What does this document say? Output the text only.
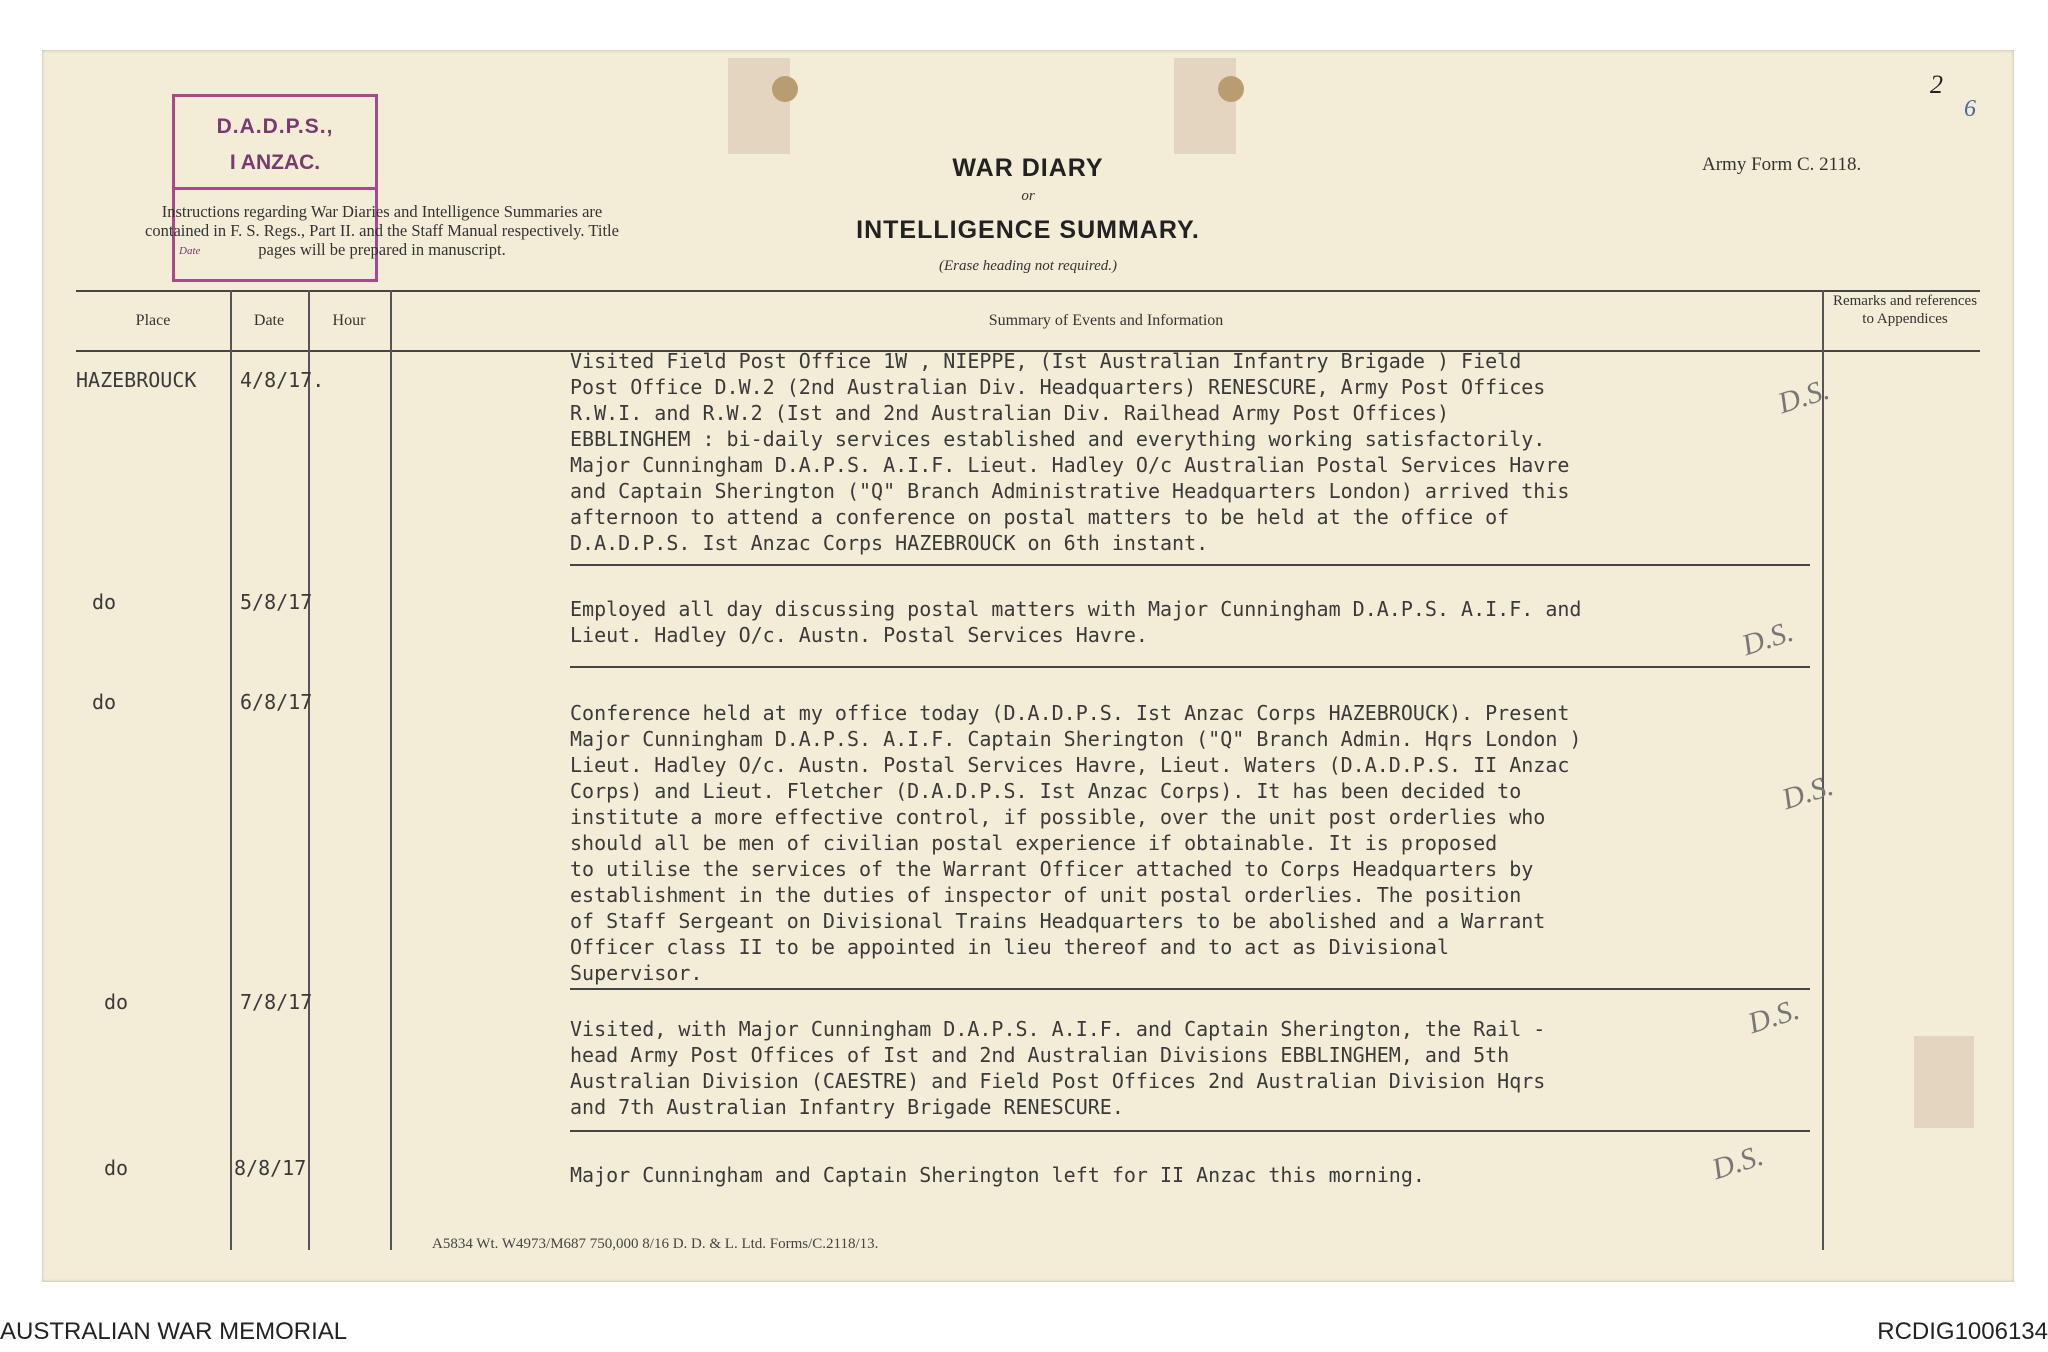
D.A.D.P.S.,
I ANZAC.
Date
Instructions regarding War Diaries and Intelligence Summaries are contained in F. S. Regs., Part II. and the Staff Manual respectively. Title pages will be prepared in manuscript.
WAR DIARY
or
INTELLIGENCE SUMMARY.
(Erase heading not required.)
Army Form C. 2118.
2
6
Place	Date	Hour	Summary of Events and Information
Remarks and references to Appendices
HAZEBROUCK 4/8/17.
Visited Field Post Office 1W , NIEPPE, (Ist Australian Infantry Brigade ) Field
Post Office D.W.2 (2nd Australian Div. Headquarters) RENESCURE, Army Post Offices
R.W.I. and R.W.2 (Ist and 2nd Australian Div. Railhead Army Post Offices)
EBBLINGHEM : bi-daily services established and everything working satisfactorily.
Major Cunningham D.A.P.S. A.I.F. Lieut. Hadley O/c Australian Postal Services Havre
and Captain Sherington ("Q" Branch Administrative Headquarters London) arrived this
afternoon to attend a conference on postal matters to be held at the office of
D.A.D.P.S. Ist Anzac Corps HAZEBROUCK on 6th instant.
D.S.
do	5/8/17	Employed all day discussing postal matters with Major Cunningham D.A.P.S. A.I.F. and
Lieut. Hadley O/c. Austn. Postal Services Havre.	D.S.
do	6/8/17	Conference held at my office today (D.A.D.P.S. Ist Anzac Corps HAZEBROUCK). Present
Major Cunningham D.A.P.S. A.I.F. Captain Sherington ("Q" Branch Admin. Hqrs London )
Lieut. Hadley O/c. Austn. Postal Services Havre, Lieut. Waters (D.A.D.P.S. II Anzac
Corps) and Lieut. Fletcher (D.A.D.P.S. Ist Anzac Corps). It has been decided to
institute a more effective control, if possible, over the unit post orderlies who
should all be men of civilian postal experience if obtainable. It is proposed
to utilise the services of the Warrant Officer attached to Corps Headquarters by
establishment in the duties of inspector of unit postal orderlies. The position
of Staff Sergeant on Divisional Trains Headquarters to be abolished and a Warrant
Officer class II to be appointed in lieu thereof and to act as Divisional
Supervisor.
D.S.
do	7/8/17
Visited, with Major Cunningham D.A.P.S. A.I.F. and Captain Sherington, the Rail -
head Army Post Offices of Ist and 2nd Australian Divisions EBBLINGHEM, and 5th
Australian Division (CAESTRE) and Field Post Offices 2nd Australian Division Hqrs
and 7th Australian Infantry Brigade RENESCURE.
D.S.
do	8/8/17	Major Cunningham and Captain Sherington left for II Anzac this morning.	D.S.
A5834 Wt. W4973/M687 750,000 8/16 D. D. & L. Ltd. Forms/C.2118/13.
AUSTRALIAN WAR MEMORIAL	RCDIG1006134
